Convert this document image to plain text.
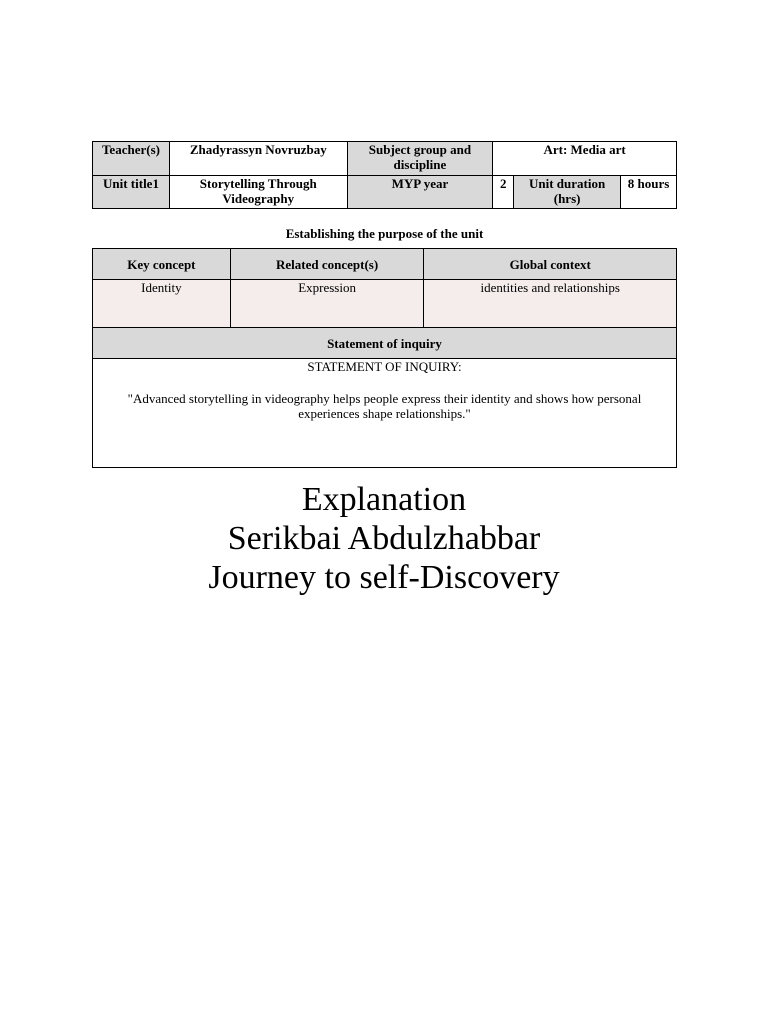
Teacher(s)	Zhadyrassyn Novruzbay	Subject group and discipline	Art: Media art		
Unit title1	Storytelling Through Videography	MYP year	2	Unit duration (hrs)	8 hours
Establishing the purpose of the unit
Key concept	Related concept(s)	Global context
Identity	Expression	identities and relationships
Statement of inquiry		

STATEMENT OF INQUIRY:
"Advanced storytelling in videography helps people express their identity and shows how personal experiences shape relationships."		
Explanation
Serikbai Abdulzhabbar
Journey to self-Discovery
